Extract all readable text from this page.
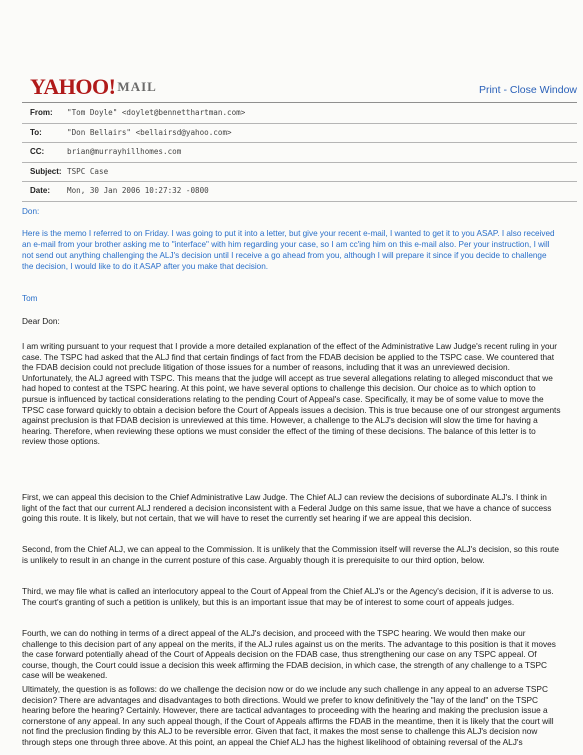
YAHOO! MAIL	Print - Close Window
From: "Tom Doyle" <doylet@bennetthartman.com>
To:	"Don Bellairs" <bellairsd@yahoo.com>
CC:	brian@murrayhillhomes.com
Subject: TSPC Case
Date: Mon, 30 Jan 2006 10:27:32 -0800
Don:
Here is the memo I referred to on Friday. I was going to put it into a letter, but give your recent e-mail, I wanted to get it to you ASAP. I also received an e-mail from your brother asking me to "interface" with him regarding your case, so I am cc'ing him on this e-mail also. Per your instruction, I will not send out anything challenging the ALJ's decision until I receive a go ahead from you, although I will prepare it since if you decide to challenge the decision, I would like to do it ASAP after you make that decision.
Tom
Dear Don:
I am writing pursuant to your request that I provide a more detailed explanation of the effect of the Administrative Law Judge's recent ruling in your case. The TSPC had asked that the ALJ find that certain findings of fact from the FDAB decision be applied to the TSPC case. We countered that the FDAB decision could not preclude litigation of those issues for a number of reasons, including that it was an unreviewed decision. Unfortunately, the ALJ agreed with TSPC. This means that the judge will accept as true several allegations relating to alleged misconduct that we had hoped to contest at the TSPC hearing. At this point, we have several options to challenge this decision. Our choice as to which option to pursue is influenced by tactical considerations relating to the pending Court of Appeal's case. Specifically, it may be of some value to move the TPSC case forward quickly to obtain a decision before the Court of Appeals issues a decision. This is true because one of our strongest arguments against preclusion is that FDAB decision is unreviewed at this time. However, a challenge to the ALJ's decision will slow the time for having a hearing. Therefore, when reviewing these options we must consider the effect of the timing of these decisions. The balance of this letter is to review those options.
First, we can appeal this decision to the Chief Administrative Law Judge. The Chief ALJ can review the decisions of subordinate ALJ's. I think in light of the fact that our current ALJ rendered a decision inconsistent with a Federal Judge on this same issue, that we have a chance of success going this route. It is likely, but not certain, that we will have to reset the currently set hearing if we are appeal this decision.
Second, from the Chief ALJ, we can appeal to the Commission. It is unlikely that the Commission itself will reverse the ALJ's decision, so this route is unlikely to result in an change in the current posture of this case. Arguably though it is prerequisite to our third option, below.
Third, we may file what is called an interlocutory appeal to the Court of Appeal from the Chief ALJ's or the Agency's decision, if it is adverse to us. The court's granting of such a petition is unlikely, but this is an important issue that may be of interest to some court of appeals judges.
Fourth, we can do nothing in terms of a direct appeal of the ALJ's decision, and proceed with the TSPC hearing. We would then make our challenge to this decision part of any appeal on the merits, if the ALJ rules against us on the merits. The advantage to this position is that it moves the case forward potentially ahead of the Court of Appeals decision on the FDAB case, thus strengthening our case on any TSPC appeal. Of course, though, the Court could issue a decision this week affirming the FDAB decision, in which case, the strength of any challenge to a TSPC case will be weakened.
Ultimately, the question is as follows: do we challenge the decision now or do we include any such challenge in any appeal to an adverse TSPC decision? There are advantages and disadvantages to both directions. Would we prefer to know definitively the "lay of the land" on the TSPC hearing before the hearing? Certainly. However, there are tactical advantages to proceeding with the hearing and making the preclusion issue a cornerstone of any appeal. In any such appeal though, if the Court of Appeals affirms the FDAB in the meantime, then it is likely that the court will not find the preclusion finding by this ALJ to be reversible error. Given that fact, it makes the most sense to challenge this ALJ's decision now through steps one through three above. At this point, an appeal the Chief ALJ has the highest likelihood of obtaining reversal of the ALJ's
